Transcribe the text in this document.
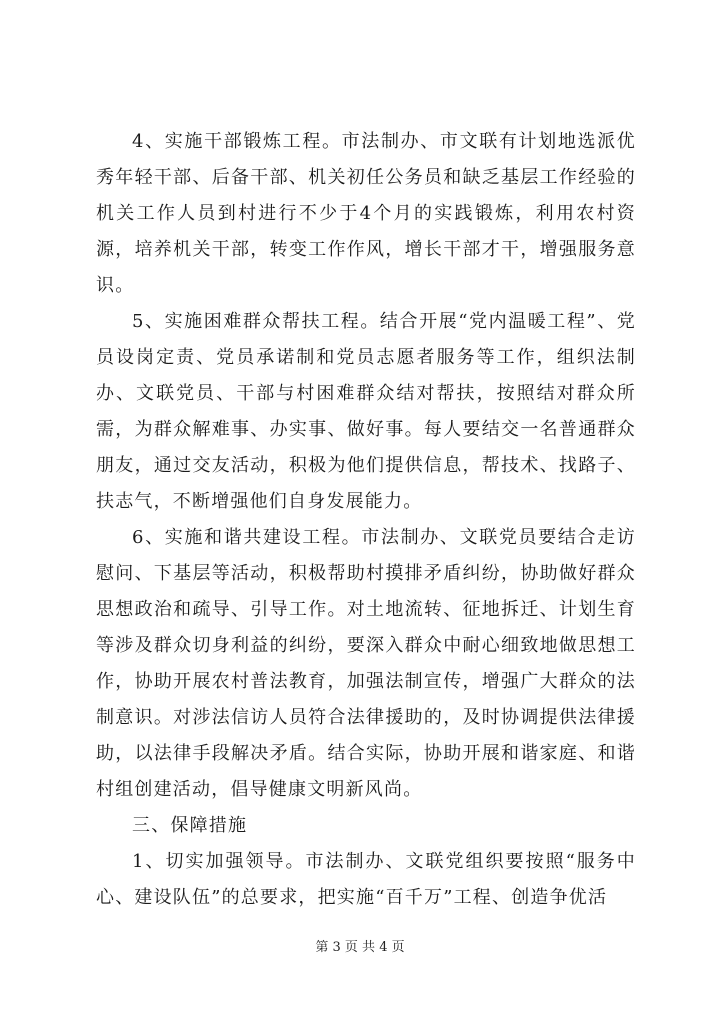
4、实施干部锻炼工程。市法制办、市文联有计划地选派优秀年轻干部、后备干部、机关初任公务员和缺乏基层工作经验的机关工作人员到村进行不少于4个月的实践锻炼，利用农村资源，培养机关干部，转变工作作风，增长干部才干，增强服务意识。

5、实施困难群众帮扶工程。结合开展“党内温暖工程”、党员设岗定责、党员承诺制和党员志愿者服务等工作，组织法制办、文联党员、干部与村困难群众结对帮扶，按照结对群众所需，为群众解难事、办实事、做好事。每人要结交一名普通群众朋友，通过交友活动，积极为他们提供信息，帮技术、找路子、扶志气，不断增强他们自身发展能力。

6、实施和谐共建设工程。市法制办、文联党员要结合走访慰问、下基层等活动，积极帮助村摸排矛盾纠纷，协助做好群众思想政治和疏导、引导工作。对土地流转、征地拆迁、计划生育等涉及群众切身利益的纠纷，要深入群众中耐心细致地做思想工作，协助开展农村普法教育，加强法制宣传，增强广大群众的法制意识。对涉法信访人员符合法律援助的，及时协调提供法律援助，以法律手段解决矛盾。结合实际，协助开展和谐家庭、和谐村组创建活动，倡导健康文明新风尚。

三、保障措施

1、切实加强领导。市法制办、文联党组织要按照“服务中心、建设队伍”的总要求，把实施“百千万”工程、创造争优活

第 3 页 共 4 页
